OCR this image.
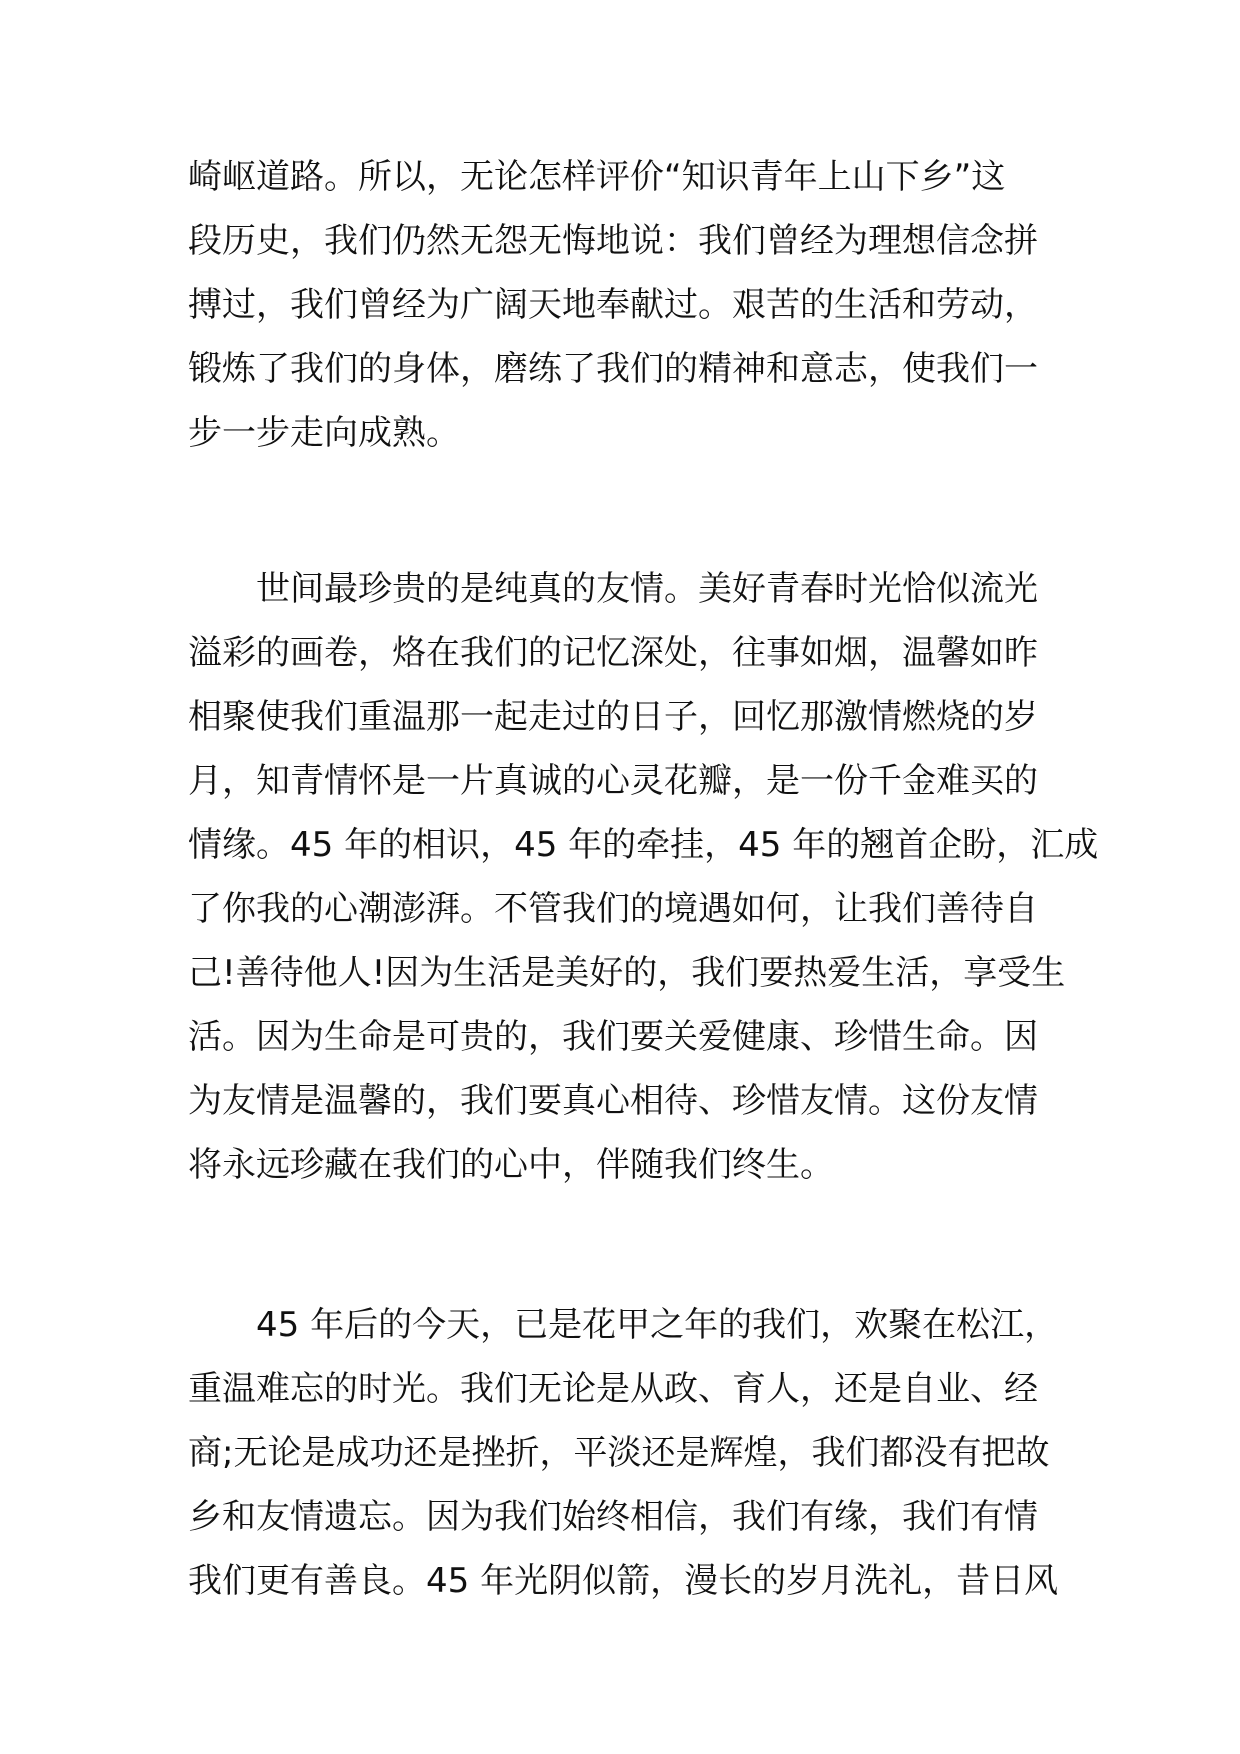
崎岖道路。所以，无论怎样评价“知识青年上山下乡”这
段历史，我们仍然无怨无悔地说：我们曾经为理想信念拼
搏过，我们曾经为广阔天地奉献过。艰苦的生活和劳动，
锻炼了我们的身体，磨练了我们的精神和意志，使我们一
步一步走向成熟。
　　世间最珍贵的是纯真的友情。美好青春时光恰似流光
溢彩的画卷，烙在我们的记忆深处，往事如烟，温馨如昨
相聚使我们重温那一起走过的日子，回忆那激情燃烧的岁
月，知青情怀是一片真诚的心灵花瓣，是一份千金难买的
情缘。45 年的相识，45 年的牵挂，45 年的翘首企盼，汇成
了你我的心潮澎湃。不管我们的境遇如何，让我们善待自
己!善待他人!因为生活是美好的，我们要热爱生活，享受生
活。因为生命是可贵的，我们要关爱健康、珍惜生命。因
为友情是温馨的，我们要真心相待、珍惜友情。这份友情
将永远珍藏在我们的心中，伴随我们终生。
　　45 年后的今天，已是花甲之年的我们，欢聚在松江，
重温难忘的时光。我们无论是从政、育人，还是自业、经
商;无论是成功还是挫折，平淡还是辉煌，我们都没有把故
乡和友情遗忘。因为我们始终相信，我们有缘，我们有情
我们更有善良。45 年光阴似箭，漫长的岁月洗礼，昔日风
